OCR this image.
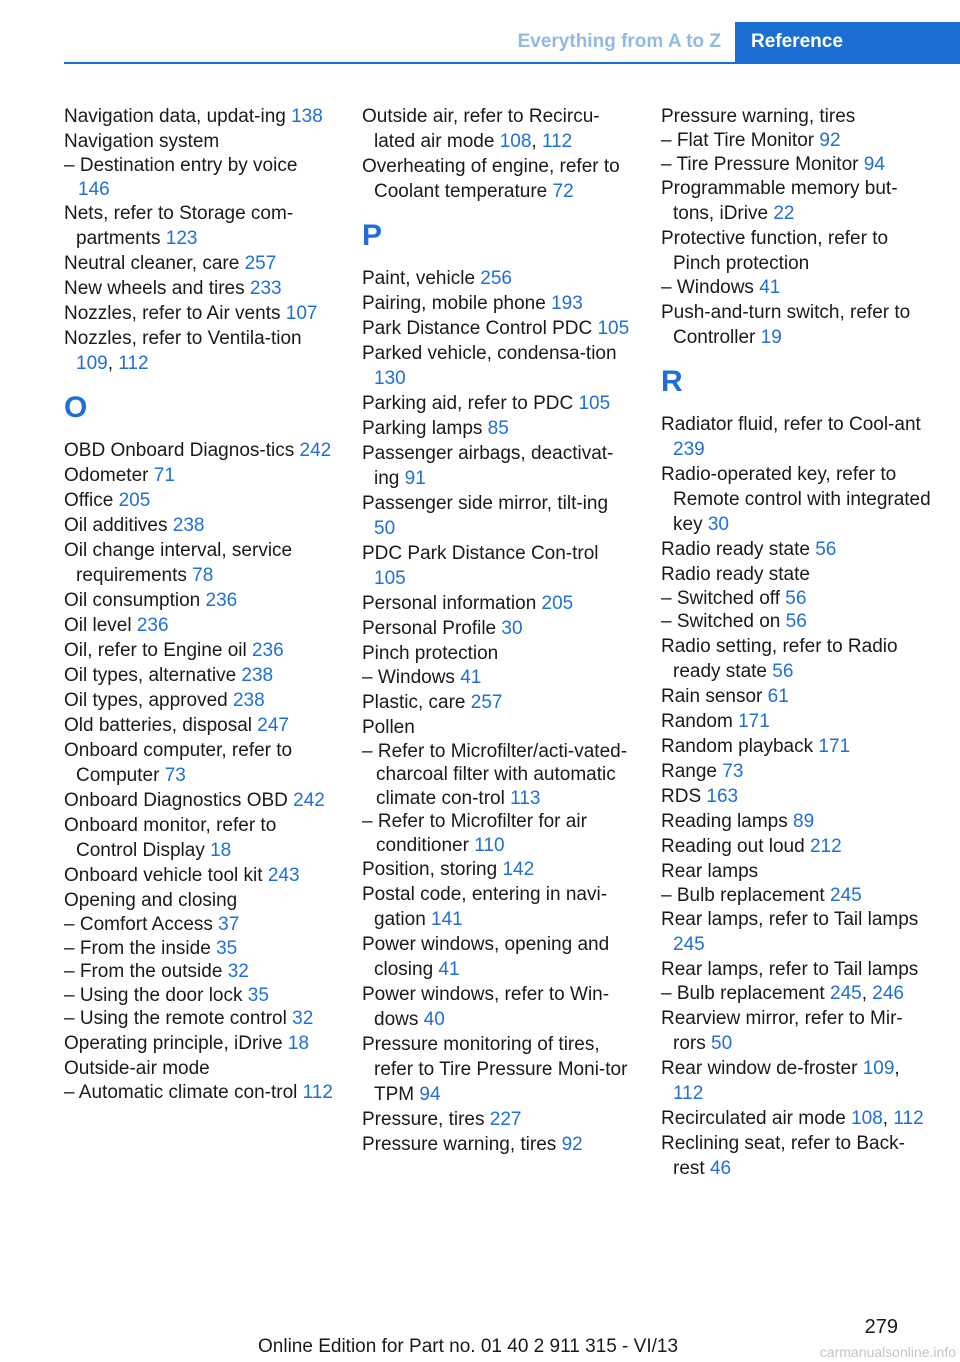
Everything from A to Z	Reference
Navigation data, updat-ing 138
Navigation system
– Destination entry by voice 146
Nets, refer to Storage com-partments 123
Neutral cleaner, care 257
New wheels and tires 233
Nozzles, refer to Air vents 107
Nozzles, refer to Ventila-tion 109, 112
O
OBD Onboard Diagnos-tics 242
Odometer 71
Office 205
Oil additives 238
Oil change interval, service requirements 78
Oil consumption 236
Oil level 236
Oil, refer to Engine oil 236
Oil types, alternative 238
Oil types, approved 238
Old batteries, disposal 247
Onboard computer, refer to Computer 73
Onboard Diagnostics OBD 242
Onboard monitor, refer to Control Display 18
Onboard vehicle tool kit 243
Opening and closing
– Comfort Access 37
– From the inside 35
– From the outside 32
– Using the door lock 35
– Using the remote control 32
Operating principle, iDrive 18
Outside-air mode
– Automatic climate con-trol 112
Outside air, refer to Recircu-lated air mode 108, 112
Overheating of engine, refer to Coolant temperature 72
P
Paint, vehicle 256
Pairing, mobile phone 193
Park Distance Control PDC 105
Parked vehicle, condensa-tion 130
Parking aid, refer to PDC 105
Parking lamps 85
Passenger airbags, deactivat-ing 91
Passenger side mirror, tilt-ing 50
PDC Park Distance Con-trol 105
Personal information 205
Personal Profile 30
Pinch protection
– Windows 41
Plastic, care 257
Pollen
– Refer to Microfilter/acti-vated-charcoal filter with automatic climate con-trol 113
– Refer to Microfilter for air conditioner 110
Position, storing 142
Postal code, entering in navi-gation 141
Power windows, opening and closing 41
Power windows, refer to Win-dows 40
Pressure monitoring of tires, refer to Tire Pressure Moni-tor TPM 94
Pressure, tires 227
Pressure warning, tires 92
Pressure warning, tires
– Flat Tire Monitor 92
– Tire Pressure Monitor 94
Programmable memory but-tons, iDrive 22
Protective function, refer to Pinch protection
– Windows 41
Push-and-turn switch, refer to Controller 19
R
Radiator fluid, refer to Cool-ant 239
Radio-operated key, refer to Remote control with integrated key 30
Radio ready state 56
Radio ready state
– Switched off 56
– Switched on 56
Radio setting, refer to Radio ready state 56
Rain sensor 61
Random 171
Random playback 171
Range 73
RDS 163
Reading lamps 89
Reading out loud 212
Rear lamps
– Bulb replacement 245
Rear lamps, refer to Tail lamps 245
Rear lamps, refer to Tail lamps
– Bulb replacement 245, 246
Rearview mirror, refer to Mir-rors 50
Rear window de-froster 109, 112
Recirculated air mode 108, 112
Reclining seat, refer to Back-rest 46
279
Online Edition for Part no. 01 40 2 911 315 - VI/13	carmanualsonline.info
